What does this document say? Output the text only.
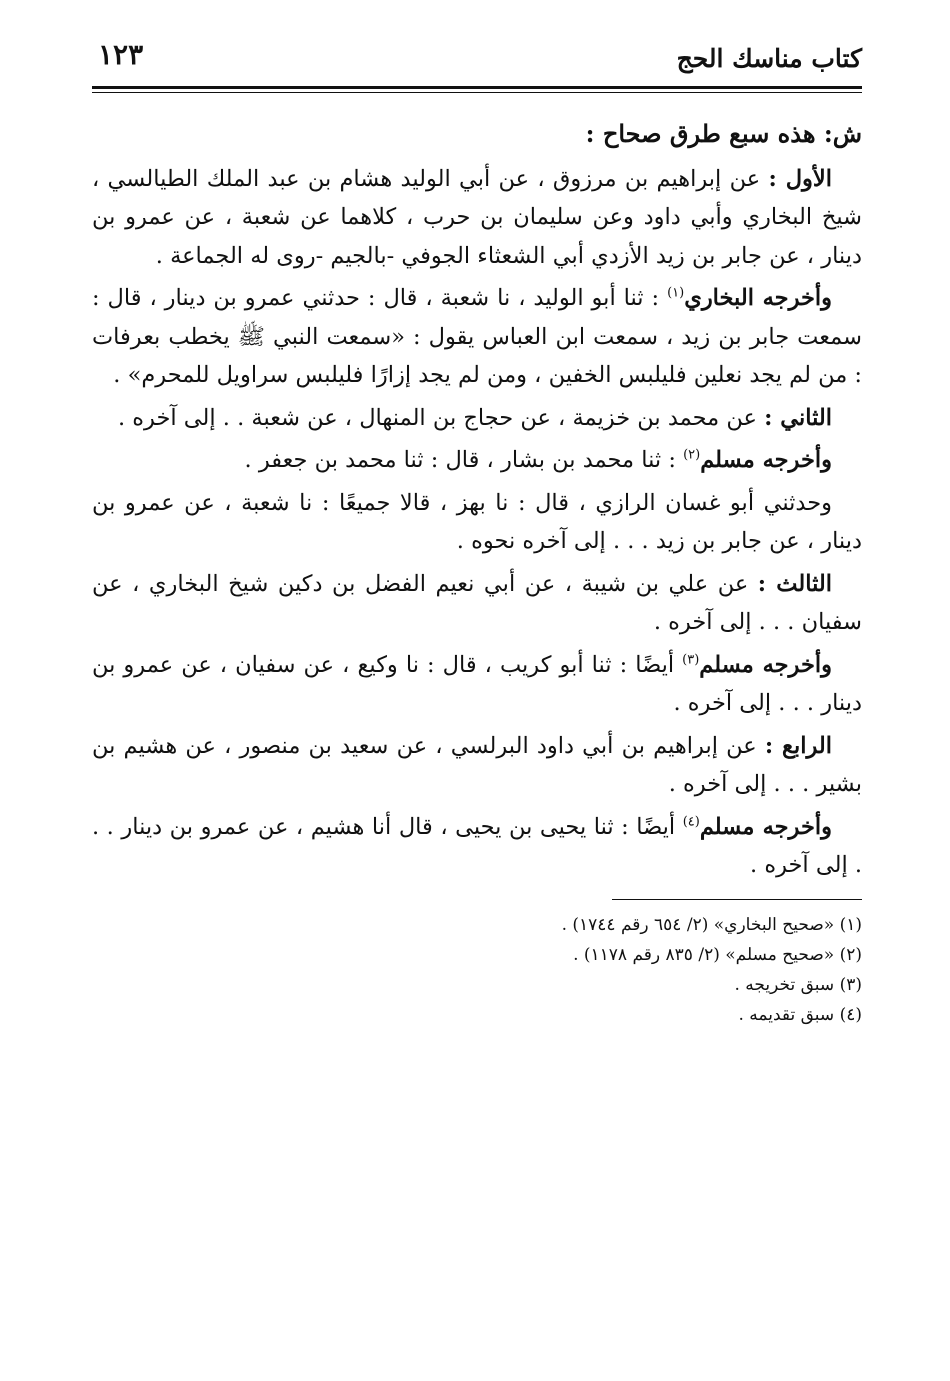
كتاب مناسك الحج
١٢٣

ش: هذه سبع طرق صحاح :

الأول : عن إبراهيم بن مرزوق ، عن أبي الوليد هشام بن عبد الملك الطيالسي ، شيخ البخاري وأبي داود وعن سليمان بن حرب ، كلاهما عن شعبة ، عن عمرو بن دينار ، عن جابر بن زيد الأزدي أبي الشعثاء الجوفي -بالجيم -روى له الجماعة .

وأخرجه البخاري$^{(١)}$ : ثنا أبو الوليد ، نا شعبة ، قال : حدثني عمرو بن دينار ، قال : سمعت جابر بن زيد ، سمعت ابن العباس يقول : «سمعت النبي ﷺ يخطب بعرفات : من لم يجد نعلين فليلبس الخفين ، ومن لم يجد إزارًا فليلبس سراويل للمحرم» .

الثاني : عن محمد بن خزيمة ، عن حجاج بن المنهال ، عن شعبة . . إلى آخره .

وأخرجه مسلم$^{(٢)}$ : ثنا محمد بن بشار ، قال : ثنا محمد بن جعفر .

وحدثني أبو غسان الرازي ، قال : نا بهز ، قالا جميعًا : نا شعبة ، عن عمرو بن دينار ، عن جابر بن زيد . . . إلى آخره نحوه .

الثالث : عن علي بن شيبة ، عن أبي نعيم الفضل بن دكين شيخ البخاري ، عن سفيان . . . إلى آخره .

وأخرجه مسلم$^{(٣)}$ أيضًا : ثنا أبو كريب ، قال : نا وكيع ، عن سفيان ، عن عمرو بن دينار . . . إلى آخره .

الرابع : عن إبراهيم بن أبي داود البرلسي ، عن سعيد بن منصور ، عن هشيم بن بشير . . . إلى آخره .

وأخرجه مسلم$^{(٤)}$ أيضًا : ثنا يحيى بن يحيى ، قال أنا هشيم ، عن عمرو بن دينار . . . إلى آخره .

(١) «صحيح البخاري» (٢/ ٦٥٤ رقم ١٧٤٤) .

(٢) «صحيح مسلم» (٢/ ٨٣٥ رقم ١١٧٨) .

(٣) سبق تخريجه .

(٤) سبق تقديمه .
